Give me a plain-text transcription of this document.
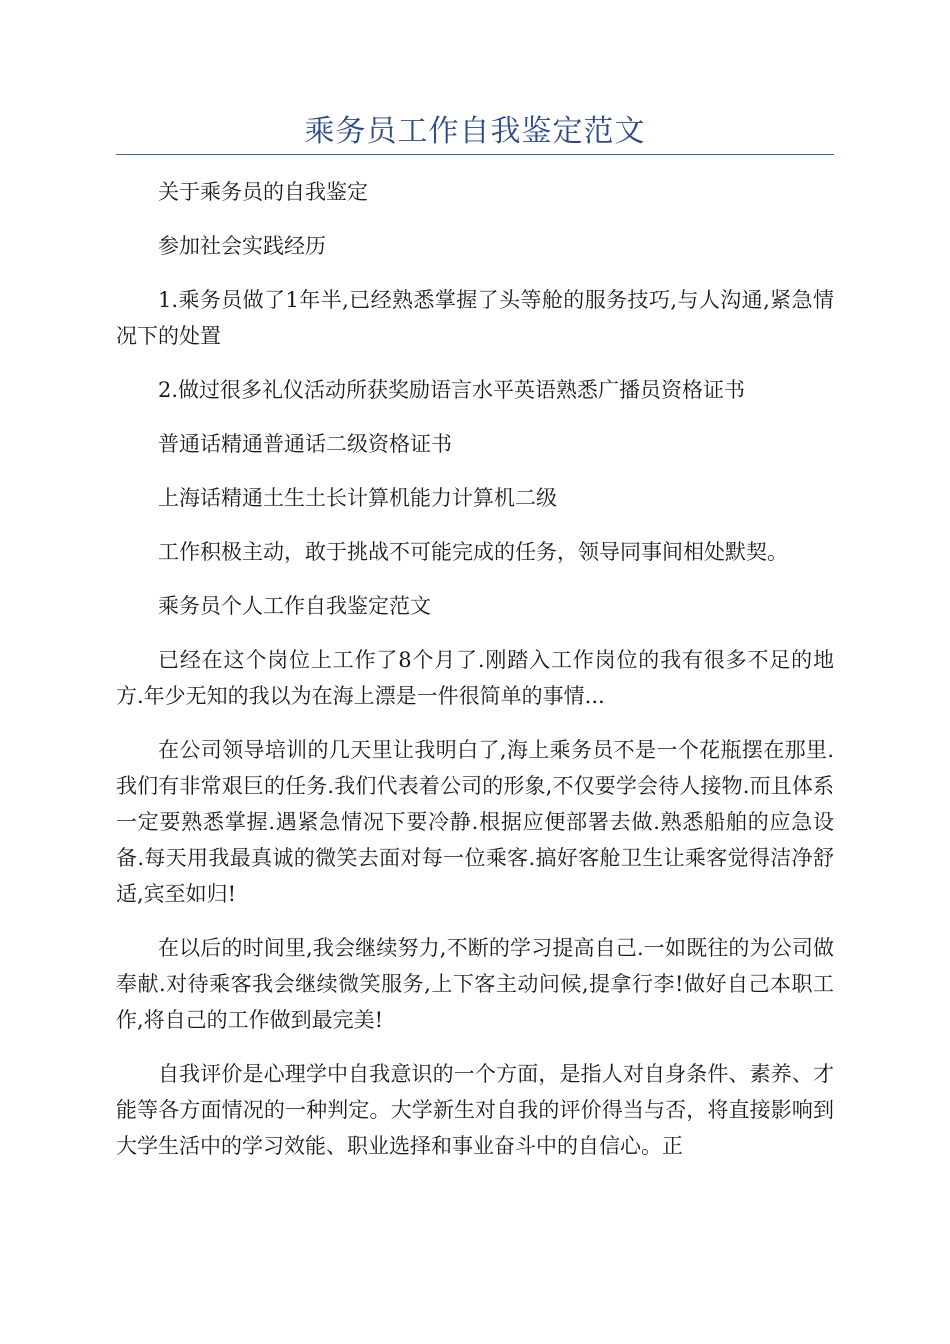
乘务员工作自我鉴定范文

关于乘务员的自我鉴定

参加社会实践经历

1.乘务员做了1年半,已经熟悉掌握了头等舱的服务技巧,与人沟通,紧急情况下的处置

2.做过很多礼仪活动所获奖励语言水平英语熟悉广播员资格证书

普通话精通普通话二级资格证书

上海话精通土生土长计算机能力计算机二级

工作积极主动，敢于挑战不可能完成的任务，领导同事间相处默契。

乘务员个人工作自我鉴定范文

已经在这个岗位上工作了8个月了.刚踏入工作岗位的我有很多不足的地方.年少无知的我以为在海上漂是一件很简单的事情...

在公司领导培训的几天里让我明白了,海上乘务员不是一个花瓶摆在那里.我们有非常艰巨的任务.我们代表着公司的形象,不仅要学会待人接物.而且体系一定要熟悉掌握.遇紧急情况下要冷静.根据应便部署去做.熟悉船舶的应急设备.每天用我最真诚的微笑去面对每一位乘客.搞好客舱卫生让乘客觉得洁净舒适,宾至如归!

在以后的时间里,我会继续努力,不断的学习提高自己.一如既往的为公司做奉献.对待乘客我会继续微笑服务,上下客主动问候,提拿行李!做好自己本职工作,将自己的工作做到最完美!

自我评价是心理学中自我意识的一个方面，是指人对自身条件、素养、才能等各方面情况的一种判定。大学新生对自我的评价得当与否，将直接影响到大学生活中的学习效能、职业选择和事业奋斗中的自信心。正
